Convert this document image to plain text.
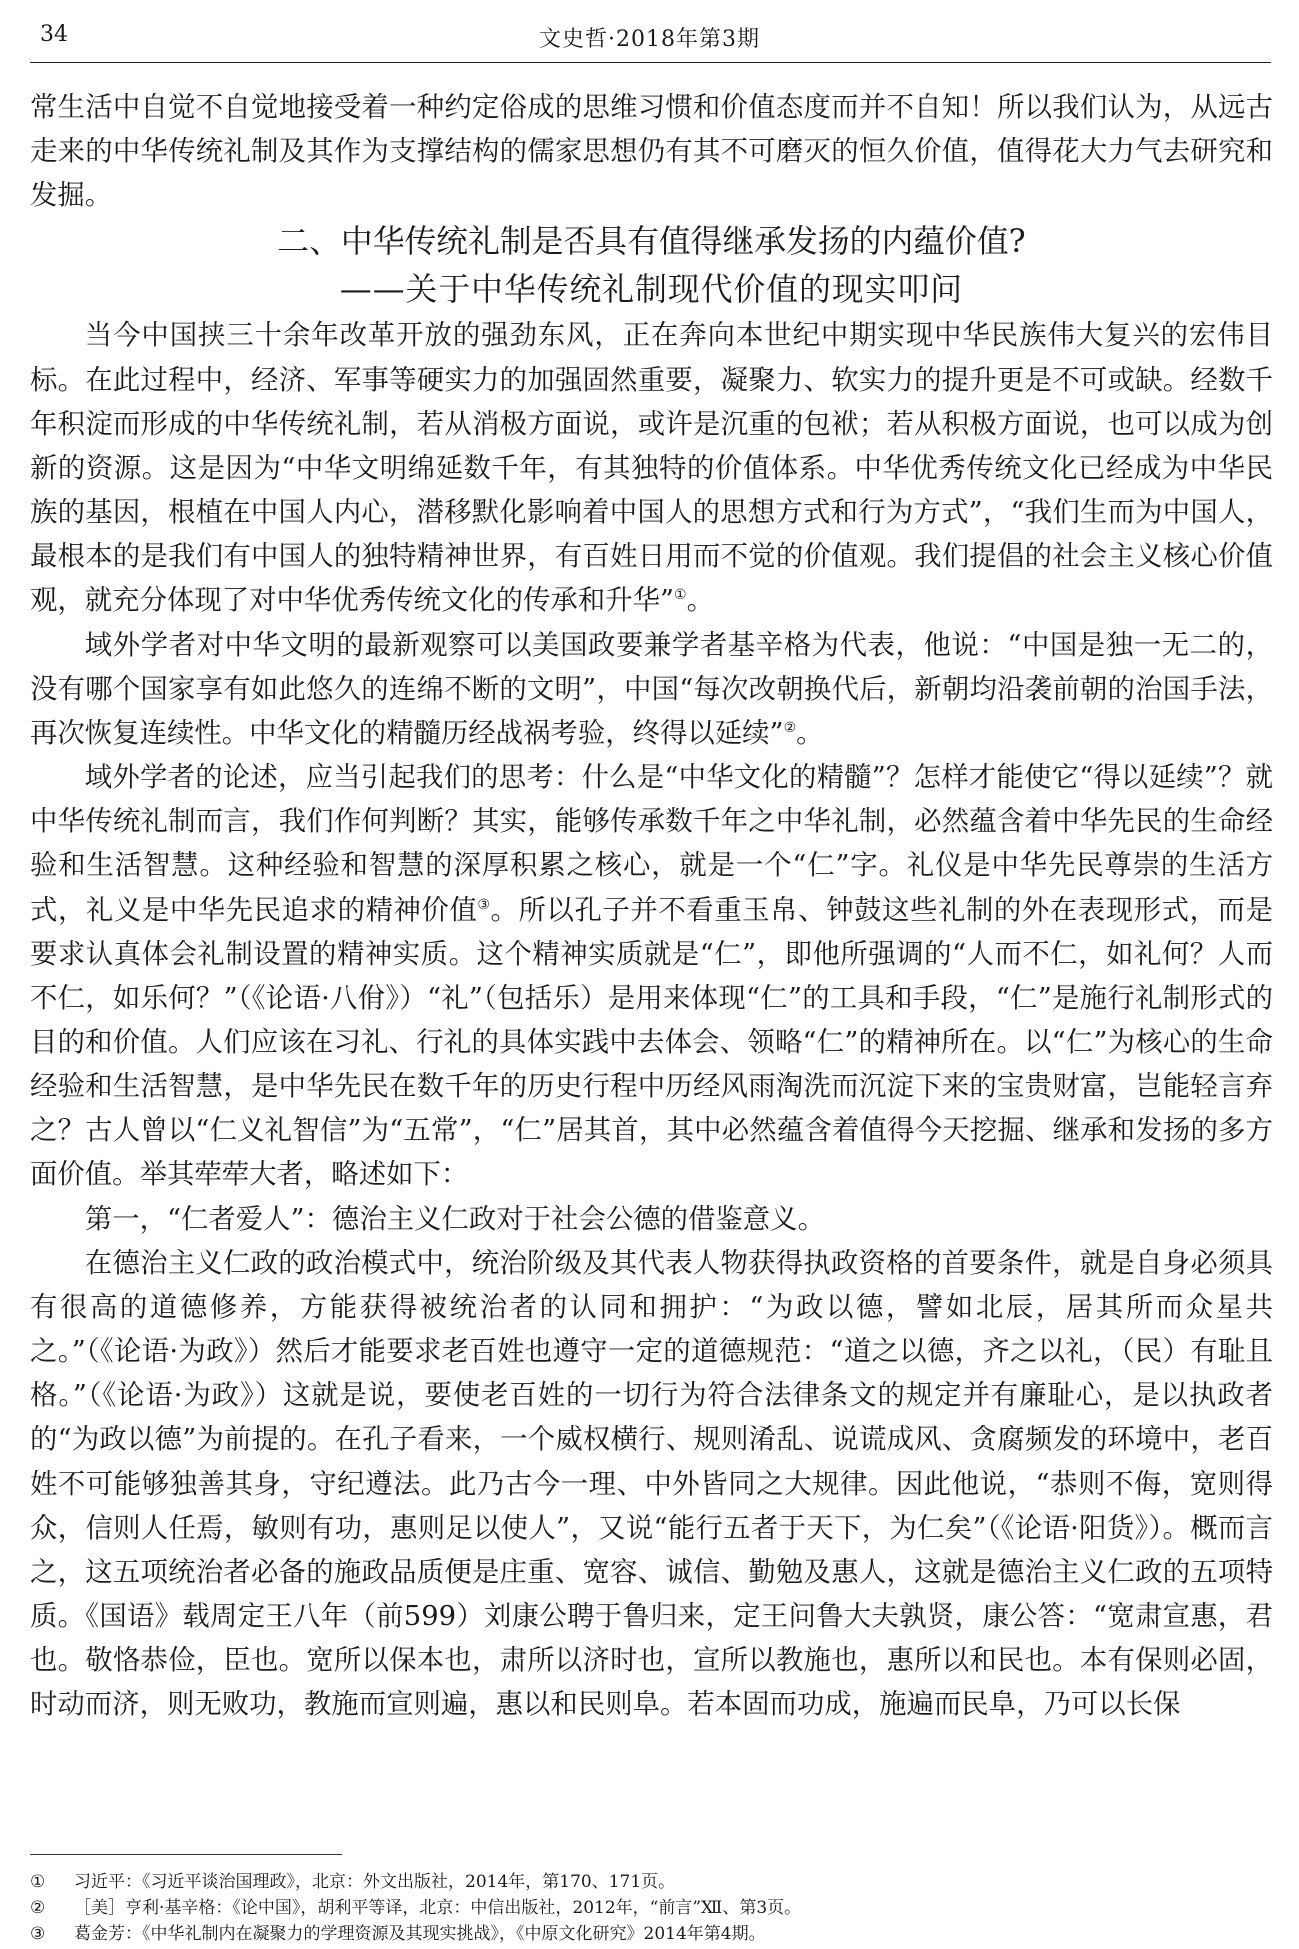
34	文史哲·2018年第3期

常生活中自觉不自觉地接受着一种约定俗成的思维习惯和价值态度而并不自知！所以我们认为，从远古走来的中华传统礼制及其作为支撑结构的儒家思想仍有其不可磨灭的恒久价值，值得花大力气去研究和发掘。

二、中华传统礼制是否具有值得继承发扬的内蕴价值?

——关于中华传统礼制现代价值的现实叩问

当今中国挟三十余年改革开放的强劲东风，正在奔向本世纪中期实现中华民族伟大复兴的宏伟目标。在此过程中，经济、军事等硬实力的加强固然重要，凝聚力、软实力的提升更是不可或缺。经数千年积淀而形成的中华传统礼制，若从消极方面说，或许是沉重的包袱；若从积极方面说，也可以成为创新的资源。这是因为“中华文明绵延数千年，有其独特的价值体系。中华优秀传统文化已经成为中华民族的基因，根植在中国人内心，潜移默化影响着中国人的思想方式和行为方式”，“我们生而为中国人，最根本的是我们有中国人的独特精神世界，有百姓日用而不觉的价值观。我们提倡的社会主义核心价值观，就充分体现了对中华优秀传统文化的传承和升华”①。

域外学者对中华文明的最新观察可以美国政要兼学者基辛格为代表，他说：“中国是独一无二的，没有哪个国家享有如此悠久的连绵不断的文明”，中国“每次改朝换代后，新朝均沿袭前朝的治国手法，再次恢复连续性。中华文化的精髓历经战祸考验，终得以延续”②。

域外学者的论述，应当引起我们的思考：什么是“中华文化的精髓”？怎样才能使它“得以延续”？就中华传统礼制而言，我们作何判断？其实，能够传承数千年之中华礼制，必然蕴含着中华先民的生命经验和生活智慧。这种经验和智慧的深厚积累之核心，就是一个“仁”字。礼仪是中华先民尊崇的生活方式，礼义是中华先民追求的精神价值③。所以孔子并不看重玉帛、钟鼓这些礼制的外在表现形式，而是要求认真体会礼制设置的精神实质。这个精神实质就是“仁”，即他所强调的“人而不仁，如礼何？人而不仁，如乐何？”（《论语·八佾》）“礼”（包括乐）是用来体现“仁”的工具和手段，“仁”是施行礼制形式的目的和价值。人们应该在习礼、行礼的具体实践中去体会、领略“仁”的精神所在。以“仁”为核心的生命经验和生活智慧，是中华先民在数千年的历史行程中历经风雨淘洗而沉淀下来的宝贵财富，岂能轻言弃之？古人曾以“仁义礼智信”为“五常”，“仁”居其首，其中必然蕴含着值得今天挖掘、继承和发扬的多方面价值。举其荦荦大者，略述如下：

第一，“仁者爱人”：德治主义仁政对于社会公德的借鉴意义。

在德治主义仁政的政治模式中，统治阶级及其代表人物获得执政资格的首要条件，就是自身必须具有很高的道德修养，方能获得被统治者的认同和拥护：“为政以德，譬如北辰，居其所而众星共之。”（《论语·为政》）然后才能要求老百姓也遵守一定的道德规范：“道之以德，齐之以礼，（民）有耻且格。”（《论语·为政》）这就是说，要使老百姓的一切行为符合法律条文的规定并有廉耻心，是以执政者的“为政以德”为前提的。在孔子看来，一个威权横行、规则淆乱、说谎成风、贪腐频发的环境中，老百姓不可能够独善其身，守纪遵法。此乃古今一理、中外皆同之大规律。因此他说，“恭则不侮，宽则得众，信则人任焉，敏则有功，惠则足以使人”，又说“能行五者于天下，为仁矣”（《论语·阳货》）。概而言之，这五项统治者必备的施政品质便是庄重、宽容、诚信、勤勉及惠人，这就是德治主义仁政的五项特质。《国语》载周定王八年（前599）刘康公聘于鲁归来，定王问鲁大夫孰贤，康公答：“宽肃宣惠，君也。敬恪恭俭，臣也。宽所以保本也，肃所以济时也，宣所以教施也，惠所以和民也。本有保则必固，时动而济，则无败功，教施而宣则遍，惠以和民则阜。若本固而功成，施遍而民阜，乃可以长保

①	习近平：《习近平谈治国理政》，北京：外文出版社，2014年，第170、171页。
②	［美］亨利·基辛格：《论中国》，胡利平等译，北京：中信出版社，2012年，“前言”Ⅻ、第3页。
③	葛金芳：《中华礼制内在凝聚力的学理资源及其现实挑战》，《中原文化研究》2014年第4期。
